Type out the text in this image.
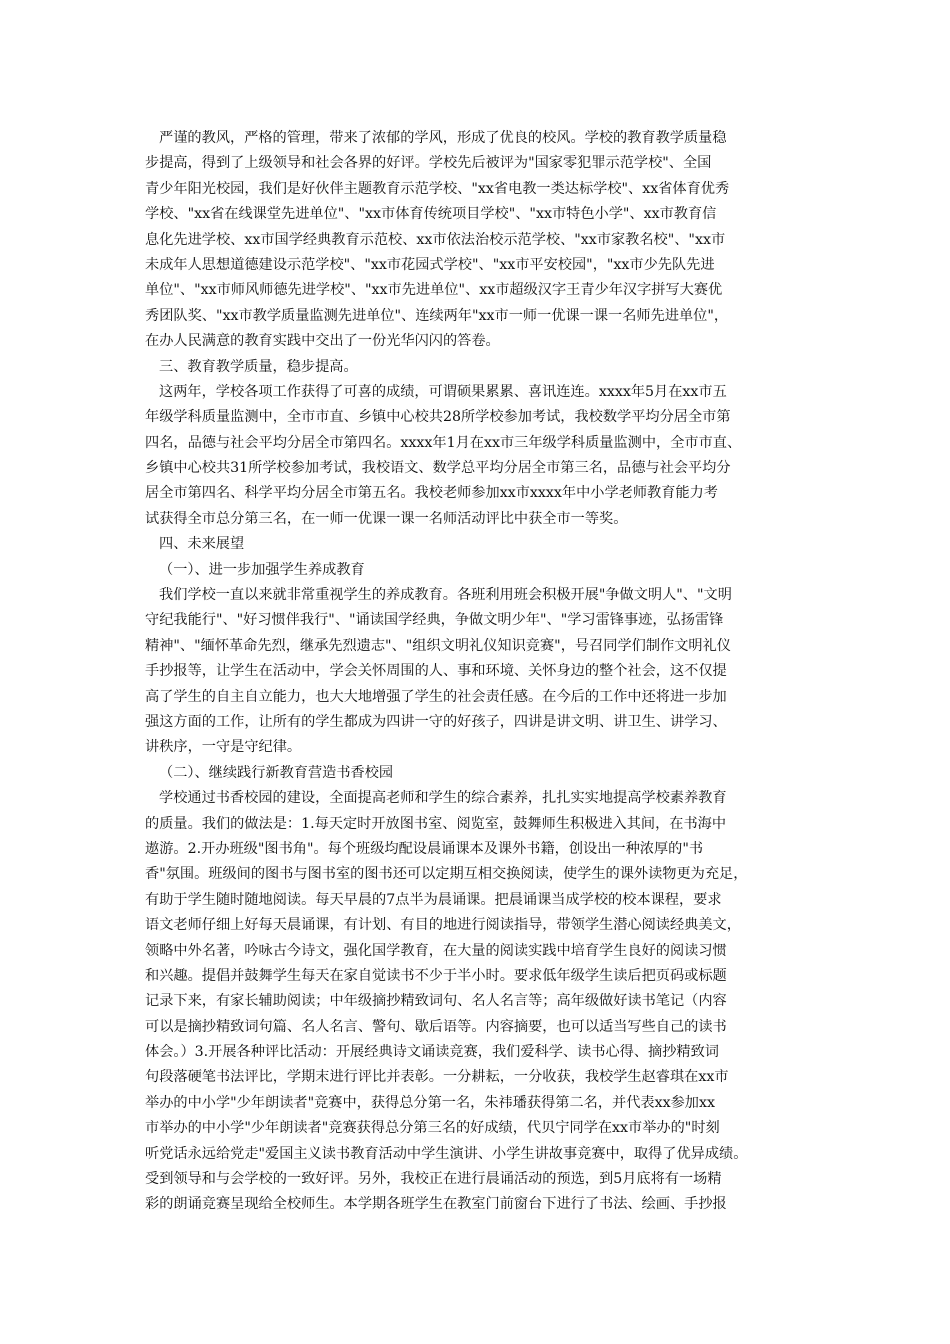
严谨的教风，严格的管理，带来了浓郁的学风，形成了优良的校风。学校的教育教学质量稳
步提高，得到了上级领导和社会各界的好评。学校先后被评为"国家零犯罪示范学校"、全国
青少年阳光校园，我们是好伙伴主题教育示范学校、"xx省电教一类达标学校"、xx省体育优秀
学校、"xx省在线课堂先进单位"、"xx市体育传统项目学校"、"xx市特色小学"、xx市教育信
息化先进学校、xx市国学经典教育示范校、xx市依法治校示范学校、"xx市家教名校"、"xx市
未成年人思想道德建设示范学校"、"xx市花园式学校"、"xx市平安校园"，"xx市少先队先进
单位"、"xx市师风师德先进学校"、"xx市先进单位"、xx市超级汉字王青少年汉字拼写大赛优
秀团队奖、"xx市教学质量监测先进单位"、连续两年"xx市一师一优课一课一名师先进单位"，
在办人民满意的教育实践中交出了一份光华闪闪的答卷。
三、教育教学质量，稳步提高。
这两年，学校各项工作获得了可喜的成绩，可谓硕果累累、喜讯连连。xxxx年5月在xx市五
年级学科质量监测中，全市市直、乡镇中心校共28所学校参加考试，我校数学平均分居全市第
四名，品德与社会平均分居全市第四名。xxxx年1月在xx市三年级学科质量监测中，全市市直、
乡镇中心校共31所学校参加考试，我校语文、数学总平均分居全市第三名，品德与社会平均分
居全市第四名、科学平均分居全市第五名。我校老师参加xx市xxxx年中小学老师教育能力考
试获得全市总分第三名，在一师一优课一课一名师活动评比中获全市一等奖。
四、未来展望
（一）、进一步加强学生养成教育
我们学校一直以来就非常重视学生的养成教育。各班利用班会积极开展"争做文明人"、"文明
守纪我能行"、"好习惯伴我行"、"诵读国学经典，争做文明少年"、"学习雷锋事迹，弘扬雷锋
精神"、"缅怀革命先烈，继承先烈遗志"、"组织文明礼仪知识竞赛"，号召同学们制作文明礼仪
手抄报等，让学生在活动中，学会关怀周围的人、事和环境、关怀身边的整个社会，这不仅提
高了学生的自主自立能力，也大大地增强了学生的社会责任感。在今后的工作中还将进一步加
强这方面的工作，让所有的学生都成为四讲一守的好孩子，四讲是讲文明、讲卫生、讲学习、
讲秩序，一守是守纪律。
（二）、继续践行新教育营造书香校园
学校通过书香校园的建设，全面提高老师和学生的综合素养，扎扎实实地提高学校素养教育
的质量。我们的做法是：1.每天定时开放图书室、阅览室，鼓舞师生积极进入其间，在书海中
遨游。2.开办班级"图书角"。每个班级均配设晨诵课本及课外书籍，创设出一种浓厚的"书
香"氛围。班级间的图书与图书室的图书还可以定期互相交换阅读，使学生的课外读物更为充足，
有助于学生随时随地阅读。每天早晨的7点半为晨诵课。把晨诵课当成学校的校本课程，要求
语文老师仔细上好每天晨诵课，有计划、有目的地进行阅读指导，带领学生潜心阅读经典美文，
领略中外名著，吟咏古今诗文，强化国学教育，在大量的阅读实践中培育学生良好的阅读习惯
和兴趣。提倡并鼓舞学生每天在家自觉读书不少于半小时。要求低年级学生读后把页码或标题
记录下来，有家长辅助阅读；中年级摘抄精致词句、名人名言等；高年级做好读书笔记（内容
可以是摘抄精致词句篇、名人名言、警句、歇后语等。内容摘要，也可以适当写些自己的读书
体会。）3.开展各种评比活动：开展经典诗文诵读竞赛，我们爱科学、读书心得、摘抄精致词
句段落硬笔书法评比，学期末进行评比并表彰。一分耕耘，一分收获，我校学生赵睿琪在xx市
举办的中小学"少年朗读者"竞赛中，获得总分第一名，朱祎璠获得第二名，并代表xx参加xx
市举办的中小学"少年朗读者"竞赛获得总分第三名的好成绩，代贝宁同学在xx市举办的"时刻
听党话永远给党走"爱国主义读书教育活动中学生演讲、小学生讲故事竞赛中，取得了优异成绩。
受到领导和与会学校的一致好评。另外，我校正在进行晨诵活动的预选，到5月底将有一场精
彩的朗诵竞赛呈现给全校师生。本学期各班学生在教室门前窗台下进行了书法、绘画、手抄报
